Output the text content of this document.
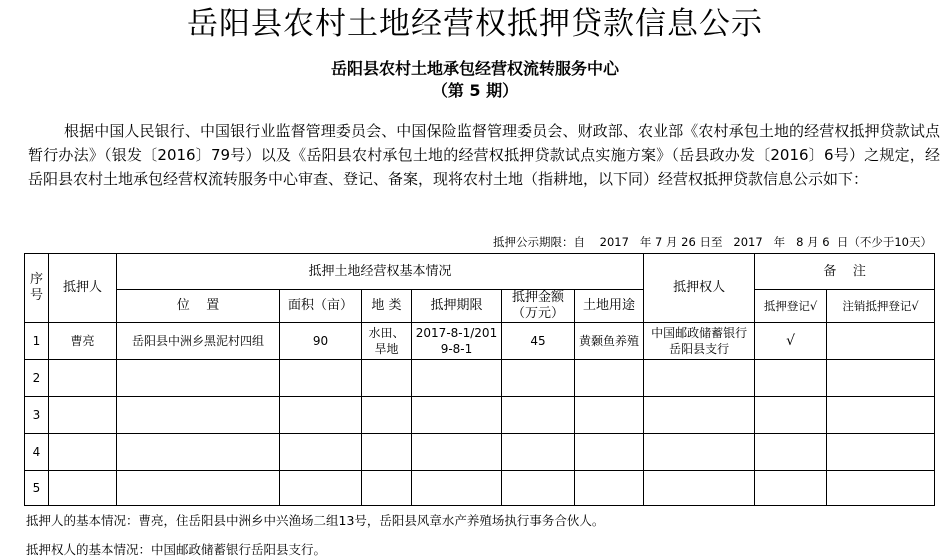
岳阳县农村土地经营权抵押贷款信息公示
岳阳县农村土地承包经营权流转服务中心
（第 5 期）
根据中国人民银行、中国银行业监督管理委员会、中国保险监督管理委员会、财政部、农业部《农村承包土地的经营权抵押贷款试点暂行办法》（银发〔2016〕79号）以及《岳阳县农村承包土地的经营权抵押贷款试点实施方案》（岳县政办发〔2016〕6号）之规定，经岳阳县农村土地承包经营权流转服务中心审查、登记、备案，现将农村土地（指耕地，以下同）经营权抵押贷款信息公示如下：
抵押公示期限：自    2017   年 7 月 26 日至   2017   年   8 月 6  日（不少于10天）
序号	抵押人	抵押土地经营权基本情况						抵押权人	备    注	
		位    置	面积（亩）	地 类	抵押期限	抵押金额（万元）	土地用途		抵押登记√	注销抵押登记√
1	曹亮	岳阳县中洲乡黑泥村四组	90	水田、旱地	2017-8-1/2019-8-1	45	黄颡鱼养殖	中国邮政储蓄银行岳阳县支行	√	
2										
3										
4										
5										
抵押人的基本情况：曹亮，住岳阳县中洲乡中兴渔场二组13号，岳阳县风章水产养殖场执行事务合伙人。
抵押权人的基本情况：中国邮政储蓄银行岳阳县支行。
